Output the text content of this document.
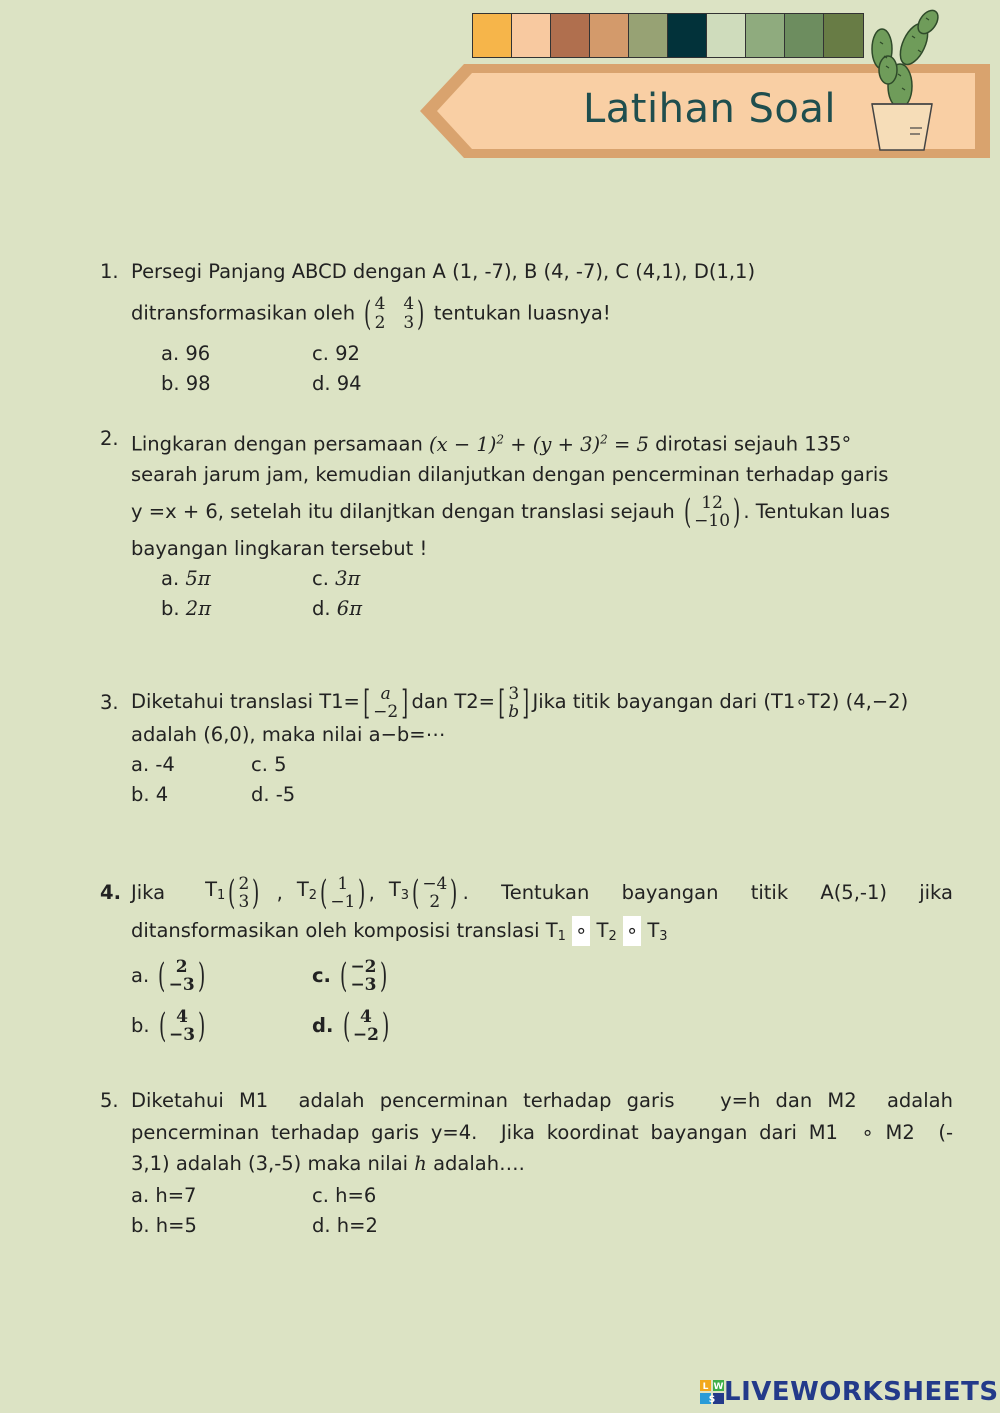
Latihan Soal
1. Persegi Panjang ABCD dengan A (1, -7), B (4, -7), C (4,1), D(1,1)
ditransformasikan oleh ( 4 4
2 3 ) tentukan luasnya!
a. 96	c. 92
b. 98	d. 94
2. Lingkaran dengan persamaan $(x - 1)^2 + (y + 3)^2 = 5$ dirotasi sejauh 135°
searah jarum jam, kemudian dilanjutkan dengan pencerminan terhadap garis
y =x + 6, setelah itu dilanjtkan dengan translasi sejauh ( 12
−10 ) . Tentukan luas
bayangan lingkaran tersebut !
a. 5π	c. 3π
b. 2π	d. 6π
3. Diketahui translasi T1= [ a
−2 ] dan T2= [ 3
b ] Jika titik bayangan dari (T1∘T2) (4,−2)
adalah (6,0), maka nilai a−b=⋯
a. -4	c. 5
b. 4	d. -5
4. Jika $T_1$ ( 2
3 ) , $T_2$ ( 1
−1 ) , $T_3$ ( −4
2 ) . Tentukan bayangan titik A(5,-1) jika
ditansformasikan oleh komposisi translasi $T_1$ ∘ $T_2$ ∘ $T_3$
a.
( 2
−3 )	c.
( −2
−3 )
b.
( 4
−3 )	d.
( 4
−2 )
5. Diketahui M1  adalah pencerminan terhadap garis   y=h dan M2  adalah
pencerminan terhadap garis y=4.  Jika koordinat bayangan dari M1  ∘ M2  (-
3,1) adalah (3,-5) maka nilai h adalah….
a. h=7	c. h=6
b. h=5	d. h=2
L W
S LIVEWORKSHEETS
